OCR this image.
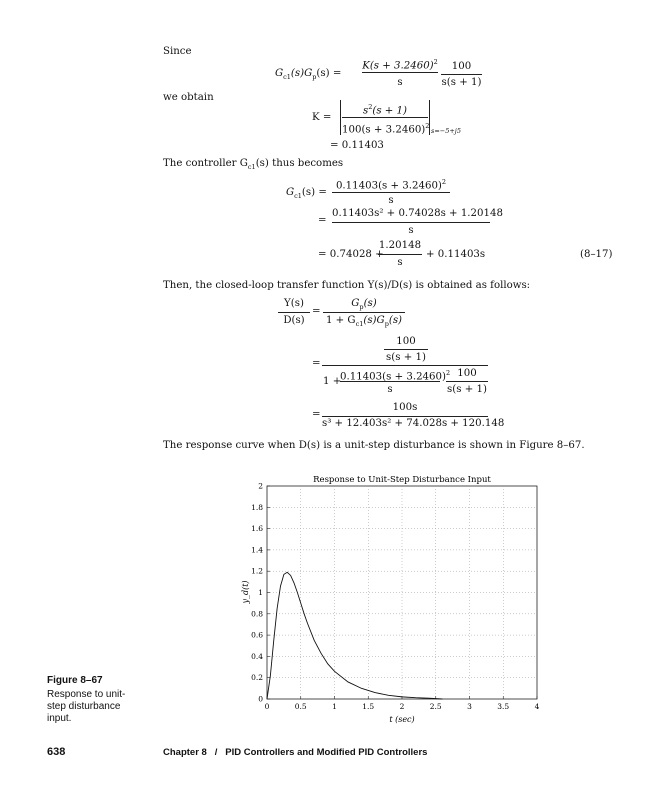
Since
$G_{c1}(s)G_p(s)$ =
$K(s + 3.2460)^2$
s
100
s(s + 1)
we obtain
K =
$s^2(s + 1)$
$100(s + 3.2460)^2$
s=−5+j5
= 0.11403
The controller $G_{c1}(s)$ thus becomes
$G_{c1}(s)$ =
$0.11403(s + 3.2460)^2$
s
=
0.11403s² + 0.74028s + 1.20148
s
= 0.74028 +
1.20148
s
+ 0.11403s	(8–17)
Then, the closed-loop transfer function Y(s)/D(s) is obtained as follows:
Y(s)
D(s)
=
$G_p(s)$
$1 + G_{c1}(s)G_p(s)$
=
100
s(s + 1)
1 +
$0.11403(s + 3.2460)^2$
s
100
s(s + 1)
=
100s
s³ + 12.403s² + 74.028s + 120.148
The response curve when D(s) is a unit-step disturbance is shown in Figure 8–67.
Response to Unit-Step Disturbance Input
0	0.5	1	1.5	2	2.5	3	3.5	4
0
0.2
0.4
0.6
0.8
1
1.2
1.4
1.6
1.8
2
t (sec)
y_d(t)
Figure 8–67
Response to unit-
step disturbance
input.
638	Chapter 8   /   PID Controllers and Modified PID Controllers
